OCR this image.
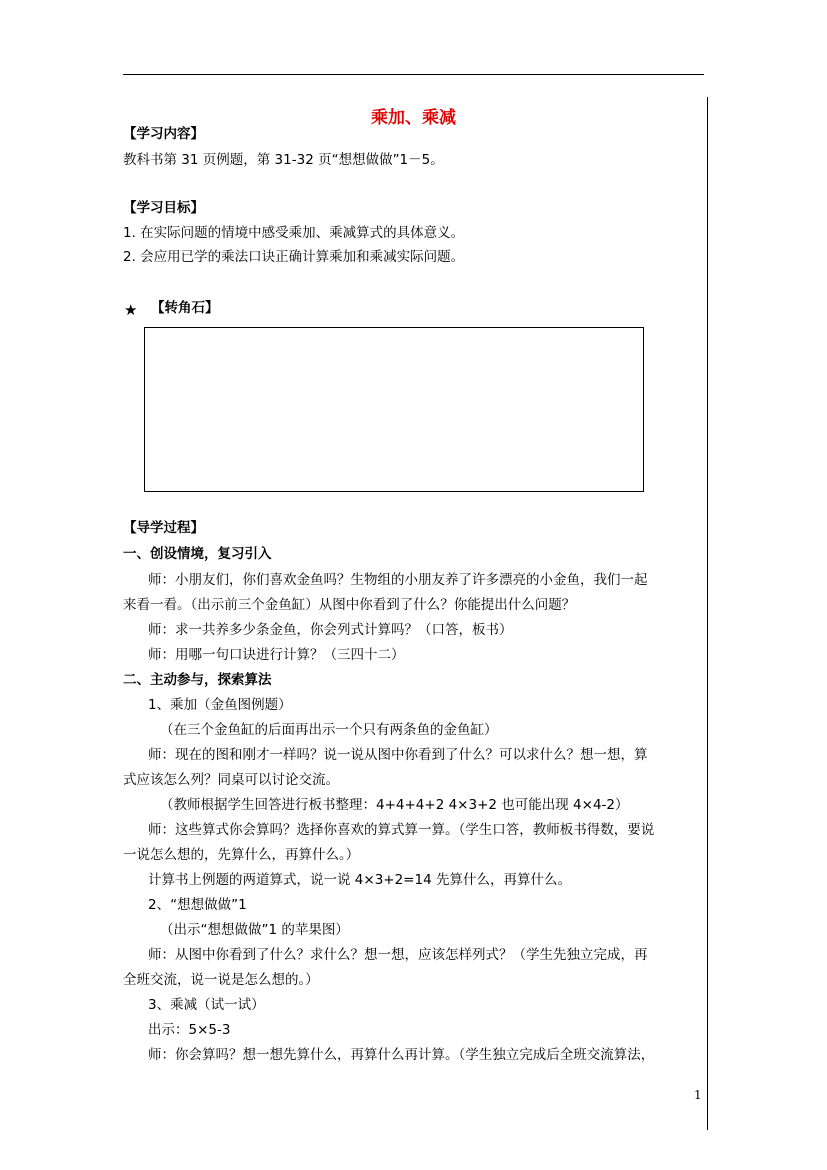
乘加、乘减
【学习内容】
教科书第 31 页例题，第 31-32 页“想想做做”1－5。
【学习目标】
1. 在实际问题的情境中感受乘加、乘减算式的具体意义。
2. 会应用已学的乘法口诀正确计算乘加和乘减实际问题。
★ 【转角石】
【导学过程】
一、创设情境，复习引入
师：小朋友们，你们喜欢金鱼吗？生物组的小朋友养了许多漂亮的小金鱼，我们一起
来看一看。（出示前三个金鱼缸）从图中你看到了什么？你能提出什么问题？
师：求一共养多少条金鱼，你会列式计算吗？（口答，板书）
师：用哪一句口诀进行计算？（三四十二）
二、主动参与，探索算法
1、乘加（金鱼图例题）
（在三个金鱼缸的后面再出示一个只有两条鱼的金鱼缸）
师：现在的图和刚才一样吗？说一说从图中你看到了什么？可以求什么？想一想，算
式应该怎么列？同桌可以讨论交流。
（教师根据学生回答进行板书整理：4+4+4+2 4×3+2 也可能出现 4×4-2）
师：这些算式你会算吗？选择你喜欢的算式算一算。（学生口答，教师板书得数，要说
一说怎么想的，先算什么，再算什么。）
计算书上例题的两道算式，说一说 4×3+2=14 先算什么，再算什么。
2、“想想做做”1
（出示“想想做做”1 的苹果图）
师：从图中你看到了什么？求什么？想一想，应该怎样列式？（学生先独立完成，再
全班交流，说一说是怎么想的。）
3、乘减（试一试）
出示：5×5-3
师：你会算吗？想一想先算什么，再算什么再计算。（学生独立完成后全班交流算法，
1
